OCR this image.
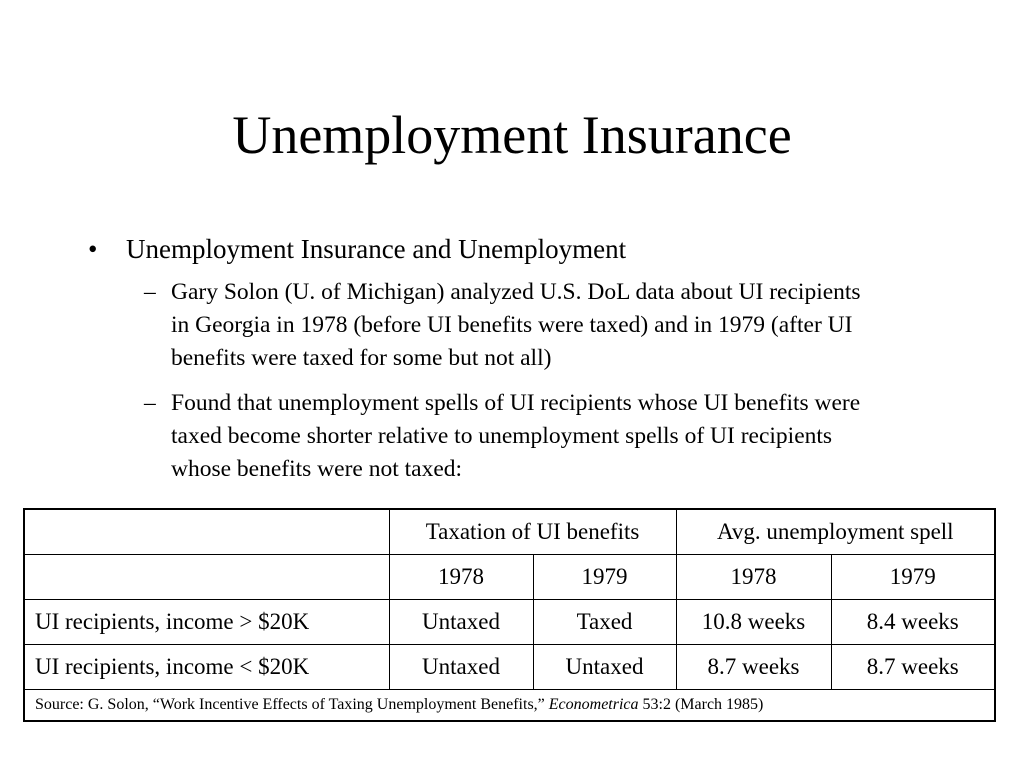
Unemployment Insurance
• Unemployment Insurance and Unemployment
– Gary Solon (U. of Michigan) analyzed U.S. DoL data about UI recipients in Georgia in 1978 (before UI benefits were taxed) and in 1979 (after UI benefits were taxed for some but not all)
– Found that unemployment spells of UI recipients whose UI benefits were taxed become shorter relative to unemployment spells of UI recipients whose benefits were not taxed:
	Taxation of UI benefits		Avg. unemployment spell	
	1978	1979	1978	1979
UI recipients, income > $20K	Untaxed	Taxed	10.8 weeks	8.4 weeks
UI recipients, income < $20K	Untaxed	Untaxed	8.7 weeks	8.7 weeks
Source: G. Solon, “Work Incentive Effects of Taxing Unemployment Benefits,” Econometrica 53:2 (March 1985)				
